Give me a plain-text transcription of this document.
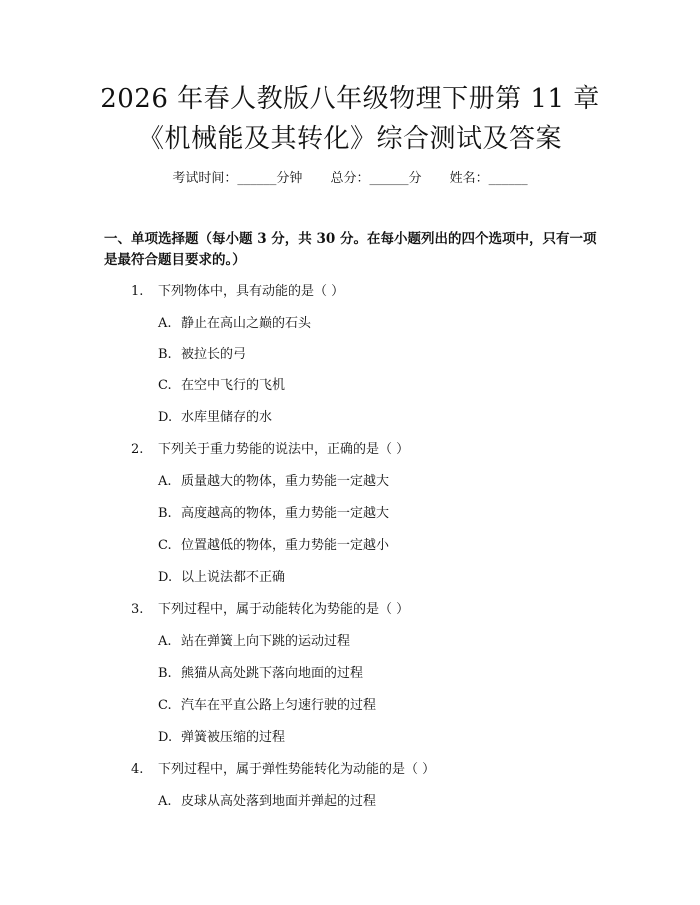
2026 年春人教版八年级物理下册第 11 章
《机械能及其转化》综合测试及答案
考试时间：______分钟 总分：______分 姓名：______
一、单项选择题（每小题 3 分，共 30 分。在每小题列出的四个选项中，只有一项
是最符合题目要求的。）
1. 下列物体中，具有动能的是（ ）
A. 静止在高山之巅的石头
B. 被拉长的弓
C. 在空中飞行的飞机
D. 水库里储存的水
2. 下列关于重力势能的说法中，正确的是（ ）
A. 质量越大的物体，重力势能一定越大
B. 高度越高的物体，重力势能一定越大
C. 位置越低的物体，重力势能一定越小
D. 以上说法都不正确
3. 下列过程中，属于动能转化为势能的是（ ）
A. 站在弹簧上向下跳的运动过程
B. 熊猫从高处跳下落向地面的过程
C. 汽车在平直公路上匀速行驶的过程
D. 弹簧被压缩的过程
4. 下列过程中，属于弹性势能转化为动能的是（ ）
A. 皮球从高处落到地面并弹起的过程
